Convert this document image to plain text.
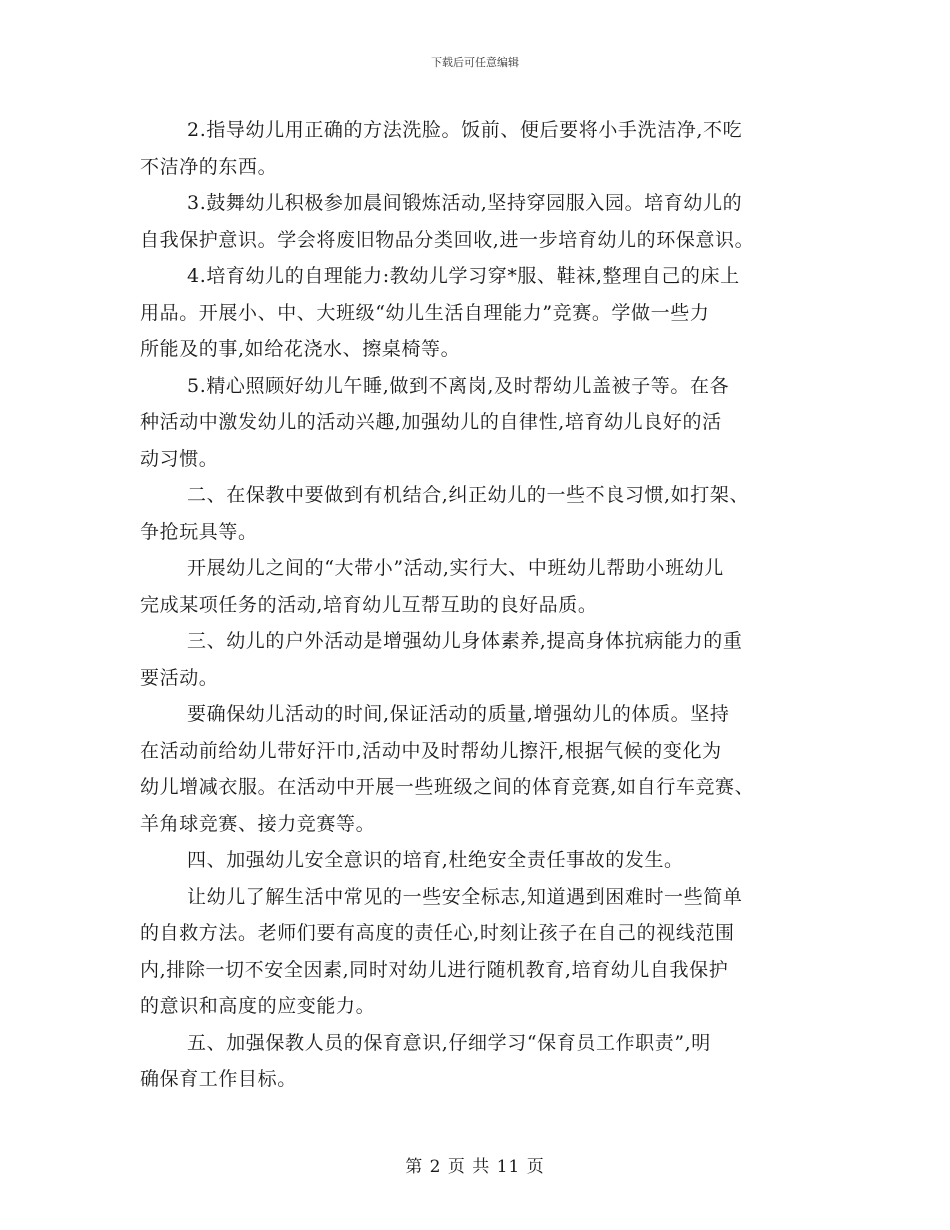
下载后可任意编辑
2.指导幼儿用正确的方法洗脸。饭前、便后要将小手洗洁净,不吃
不洁净的东西。
3.鼓舞幼儿积极参加晨间锻炼活动,坚持穿园服入园。培育幼儿的
自我保护意识。学会将废旧物品分类回收,进一步培育幼儿的环保意识。
4.培育幼儿的自理能力:教幼儿学习穿*服、鞋袜,整理自己的床上
用品。开展小、中、大班级“幼儿生活自理能力”竞赛。学做一些力
所能及的事,如给花浇水、擦桌椅等。
5.精心照顾好幼儿午睡,做到不离岗,及时帮幼儿盖被子等。在各
种活动中激发幼儿的活动兴趣,加强幼儿的自律性,培育幼儿良好的活
动习惯。
二、在保教中要做到有机结合,纠正幼儿的一些不良习惯,如打架、
争抢玩具等。
开展幼儿之间的“大带小”活动,实行大、中班幼儿帮助小班幼儿
完成某项任务的活动,培育幼儿互帮互助的良好品质。
三、幼儿的户外活动是增强幼儿身体素养,提高身体抗病能力的重
要活动。
要确保幼儿活动的时间,保证活动的质量,增强幼儿的体质。坚持
在活动前给幼儿带好汗巾,活动中及时帮幼儿擦汗,根据气候的变化为
幼儿增减衣服。在活动中开展一些班级之间的体育竞赛,如自行车竞赛、
羊角球竞赛、接力竞赛等。
四、加强幼儿安全意识的培育,杜绝安全责任事故的发生。
让幼儿了解生活中常见的一些安全标志,知道遇到困难时一些简单
的自救方法。老师们要有高度的责任心,时刻让孩子在自己的视线范围
内,排除一切不安全因素,同时对幼儿进行随机教育,培育幼儿自我保护
的意识和高度的应变能力。
五、加强保教人员的保育意识,仔细学习“保育员工作职责”,明
确保育工作目标。
第 2 页 共 11 页
